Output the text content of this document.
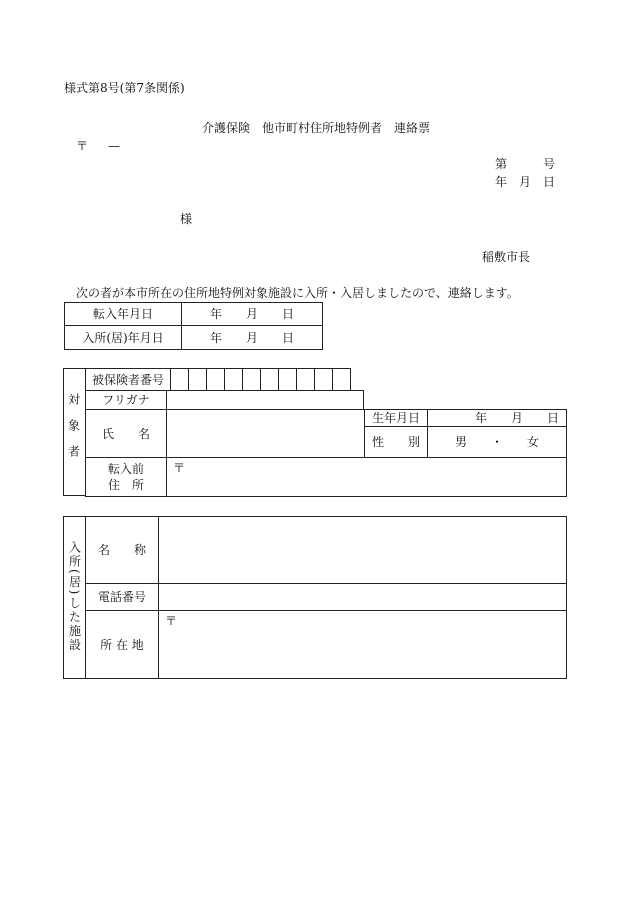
様式第8号(第7条関係)
介護保険　他市町村住所地特例者　連絡票
〒 —
第　　　号
年　月　日
様
稲敷市長
次の者が本市所在の住所地特例対象施設に入所・入居しましたので、連絡します。
転入年月日	年　　月　　日
入所(居)年月日	年　　月　　日
対象者
被保険者番号										
フリガナ	
氏　　名		生年月日	年　　月　　日
		性　　別	男　　・　　女
転入前
住　所
	〒
入所(居)した施設	名　　称	
	電話番号	
	所 在 地	〒
